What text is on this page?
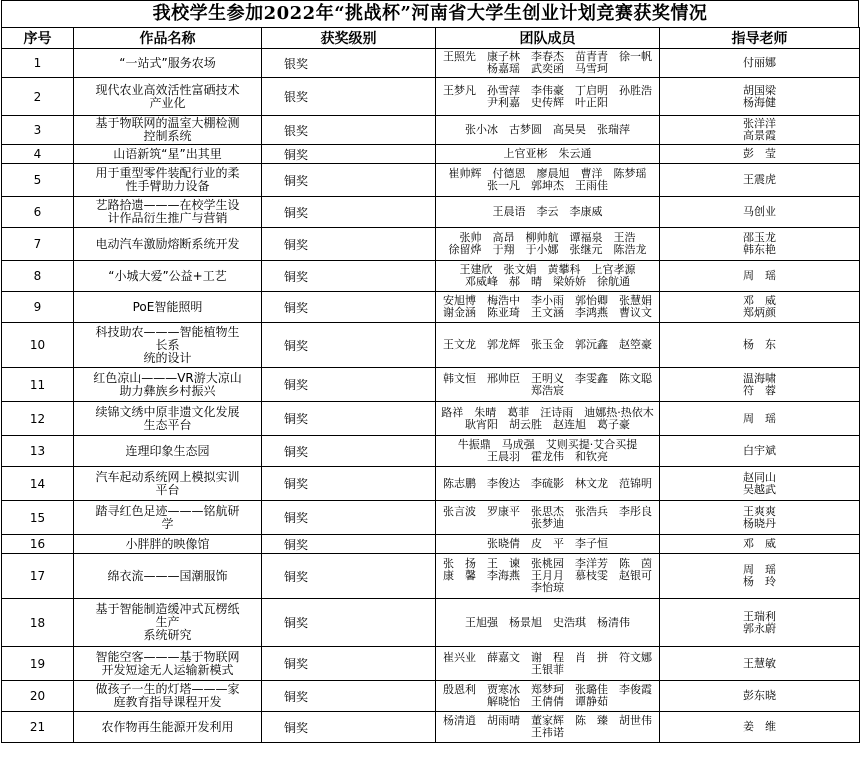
我校学生参加2022年“挑战杯”河南省大学生创业计划竞赛获奖情况
序号	作品名称	获奖级别	团队成员	指导老师
1	“一站式”服务农场	银奖	王照先　康子林　李春杰　苗青青　徐一帆
杨嘉瑶　武奕函　马雪珂	付丽娜

2	现代农业高效活性富硒技术
产业化	银奖	王梦凡　孙雪萍　李伟豪　丁启明　孙胜浩
尹利嘉　史传辉　叶正阳	胡国梁
杨海健

3	基于物联网的温室大棚检测
控制系统	银奖	张小冰　古梦圆　高昊昊　张瑞萍	张洋洋
高景霞

4	山语新筑“星”出其里	铜奖	上官亚彬　朱云通	彭　莹

5	用于重型零件装配行业的柔
性手臂助力设备	铜奖	崔帅辉　付德恩　廖晨旭　曹洋　陈梦瑶
张一凡　郭坤杰　王雨佳	王震虎

6	艺路拾遗———在校学生设
计作品衍生推广与营销	铜奖	王晨语　李云　李康威	马创业

7	电动汽车激励熔断系统开发	铜奖	张帅　高昂　柳帅航　谭福泉　王浩
徐留烨　于翔　于小娜　张继元　陈浩龙	邵玉龙
韩东艳

8	“小城大爱”公益+工艺	铜奖	王建欣　张文娟　黄攀科　上官孝源
邓威峰　郝　晴　梁娇娇　徐航通	周　瑶

9	PoE智能照明	铜奖	安旭博　梅浩中　李小雨　郭怡卿　张慧娟
谢金涵　陈亚琦　王文涵　李鸿燕　曹议文	邓　威
郑炳颜

10	科技助农———智能植物生
长系
统的设计	铜奖	王文龙　郭龙辉　张玉金　郭沅鑫　赵箜豪	杨　东

11	红色凉山———VR游大凉山
助力彝族乡村振兴	铜奖	韩文恒　邢帅臣　王明义　李雯鑫　陈文聪
郑浩宸	温海啸
符　蓉

12	续锦文绣中原非遗文化发展
生态平台	铜奖	路祥　朱晴　葛菲　汪诗雨　迪娜热·热依木
耿宵阳　胡云胜　赵连旭　葛子豪	周　瑶

13	连理印象生态园	铜奖	牛振鼎　马成强　艾则买提·艾合买提
王晨羽　霍龙伟　和钦亮	白宇斌

14	汽车起动系统网上模拟实训
平台	铜奖	陈志鹏　李俊达　李硫影　林文龙　范锦明	赵同山
吴越武

15	踏寻红色足迹———铭航研
学	铜奖	张言波　罗康平　张思杰　张浩兵　李彤良
张梦迪	王爽爽
杨晓丹

16	小胖胖的映像馆	铜奖	张晓倩　皮　平　李子恒	邓　威

17	绵衣流———国潮服饰	铜奖	张　扬　王　谏　张桃园　李洋芳　陈　茵
康　馨　李海燕　王月月　慕枝雯　赵银可
李怡琼	周　瑶
杨　玲

18	基于智能制造缓冲式瓦楞纸
生产
系统研究	铜奖	王旭强　杨景旭　史浩琪　杨清伟	王瑞利
郭永蔚

19	智能空客———基于物联网
开发短途无人运输新模式	铜奖	崔兴业　薛嘉文　谢　程　肖　拼　符文娜
王银菲	王慧敏

20	做孩子一生的灯塔———家
庭教育指导课程开发	铜奖	殷恩利　贾寒冰　郑梦珂　张璐佳　李俊霞
解晓怡　王倩倩　谭静茹	彭东晓

21	农作物再生能源开发利用	铜奖	杨清逍　胡雨晴　董家辉　陈　臻　胡世伟
王祎诺	姜　维
